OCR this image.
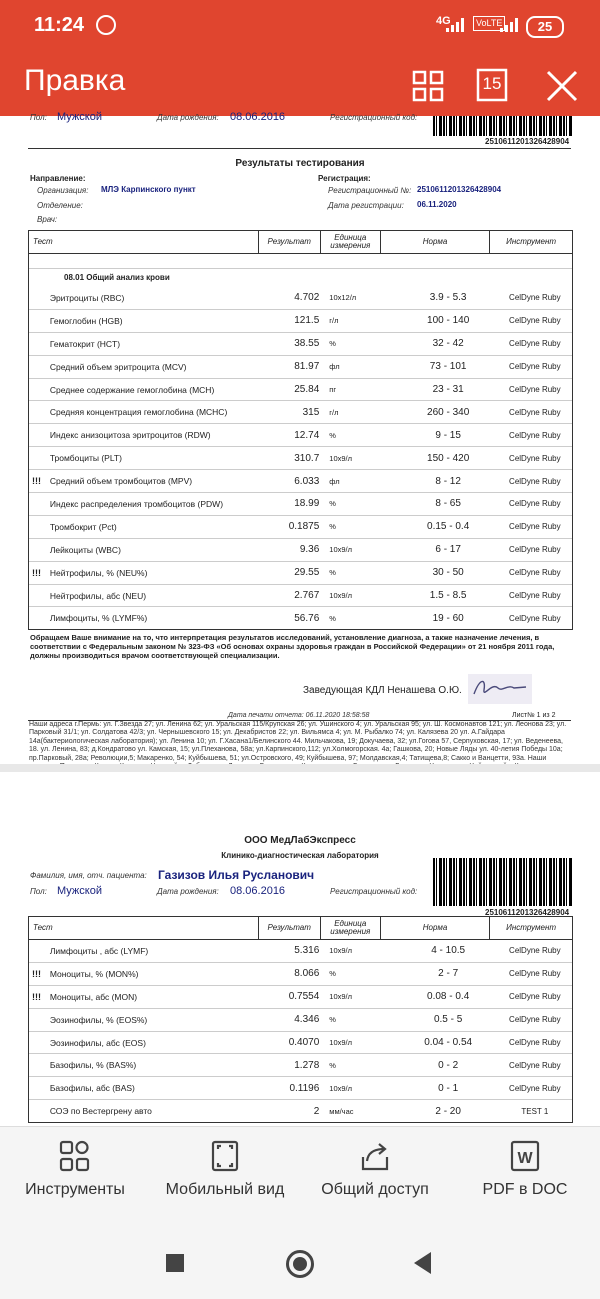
11:24	4G	VoLTE	25
Правка	15
Пол: Мужской	Дата рождения: 08.06.2016	Регистрационный код:
2510611201326428904
Результаты тестирования
Направление:
Организация: МЛЭ Карпинского пункт
Отделение:
Врач:
Регистрация:
Регистрационный №: 2510611201326428904
Дата регистрации: 06.11.2020
Тест	Результат	Единица измерения	Норма	Инструмент
08.01 Общий анализ крови
Эритроциты (RBC)	4.702	10x12/л	3.9 - 5.3	CelDyne Ruby
Гемоглобин (HGB)	121.5	г/л	100 - 140	CelDyne Ruby
Гематокрит (HCT)	38.55	%	32 - 42	CelDyne Ruby
Средний объем эритроцита (MCV)	81.97	фл	73 - 101	CelDyne Ruby
Среднее содержание гемоглобина (MCH)	25.84	пг	23 - 31	CelDyne Ruby
Средняя концентрация гемоглобина (MCHC)	315	г/л	260 - 340	CelDyne Ruby
Индекс анизоцитоза эритроцитов (RDW)	12.74	%	9 - 15	CelDyne Ruby
Тромбоциты (PLT)	310.7	10x9/л	150 - 420	CelDyne Ruby
!!!	Средний объем тромбоцитов (MPV)	6.033	фл	8 - 12	CelDyne Ruby
Индекс распределения тромбоцитов (PDW)	18.99	%	8 - 65	CelDyne Ruby
Тромбокрит (Pct)	0.1875	%	0.15 - 0.4	CelDyne Ruby
Лейкоциты (WBC)	9.36	10x9/л	6 - 17	CelDyne Ruby
!!!	Нейтрофилы, % (NEU%)	29.55	%	30 - 50	CelDyne Ruby
Нейтрофилы, абс (NEU)	2.767	10x9/л	1.5 - 8.5	CelDyne Ruby
Лимфоциты, % (LYMF%)	56.76	%	19 - 60	CelDyne Ruby
Обращаем Ваше внимание на то, что интерпретация результатов исследований, установление диагноза, а также назначение лечения, в соответствии с Федеральным законом № 323-ФЗ «Об основах охраны здоровья граждан в Российской Федерации» от 21 ноября 2011 года, должны производиться врачом соответствующей специализации.
Заведующая КДЛ Ненашева О.Ю.
Дата печати отчета: 06.11.2020 18:58:58	Лист№ 1 из 2
Наши адреса г.Пермь: ул. Г.Звезда 27; ул. Ленина 62; ул. Уральская 115/Крупская 26; ул. Ушинского 4; ул. Уральская 95; ул. Ш. Космонавтов 121; ул. Леонова 23; ул. Парковый 31/1; ул. Солдатова 42/3; ул. Чернышевского 15; ул. Декабристов 22; ул. Вильямса 4; ул. М. Рыбалко 74; ул. Калязева 20 ул. А.Гайдара 14а(бактериологическая лаборатория); ул. Ленина 10; ул. Г.Хасана1/Белинского 44. Мильчакова, 19; Докучаева, 32; ул.Гогова 57, Серпуховская, 17; ул. Веденеева, 18. ул. Ленина, 83; д.Кондратово ул. Камская, 15; ул.Плеханова, 58а; ул.Карпинского,112; ул.Холмогорская. 4а; Гашкова, 20; Новые Ляды ул. 40-летия Победы 10а; пр.Парковый, 28а; Революции,5; Макаренко, 54; Куйбышева, 51; ул.Островского, 49; Куйбышева, 97; Молдавская,4; Татищева,8; Сакко и Ванцетти, 93а. Наши
ООО МедЛабЭкспресс
Клинико-диагностическая лаборатория
Фамилия, имя, отч. пациента: Газизов Илья Русланович
Пол: Мужской	Дата рождения: 08.06.2016	Регистрационный код:
2510611201326428904
Тест	Результат	Единица измерения	Норма	Инструмент
Лимфоциты , абс (LYMF)	5.316	10x9/л	4 - 10.5	CelDyne Ruby
!!!	Моноциты, % (MON%)	8.066	%	2 - 7	CelDyne Ruby
!!!	Моноциты, абс (MON)	0.7554	10x9/л	0.08 - 0.4	CelDyne Ruby
Эозинофилы, % (EOS%)	4.346	%	0.5 - 5	CelDyne Ruby
Эозинофилы, абс (EOS)	0.4070	10x9/л	0.04 - 0.54	CelDyne Ruby
Базофилы, % (BAS%)	1.278	%	0 - 2	CelDyne Ruby
Базофилы, абс (BAS)	0.1196	10x9/л	0 - 1	CelDyne Ruby
СОЭ по Вестергрену авто	2	мм/час	2 - 20	TEST 1
Инструменты	Мобильный вид Общий доступ
W
PDF в DOC
